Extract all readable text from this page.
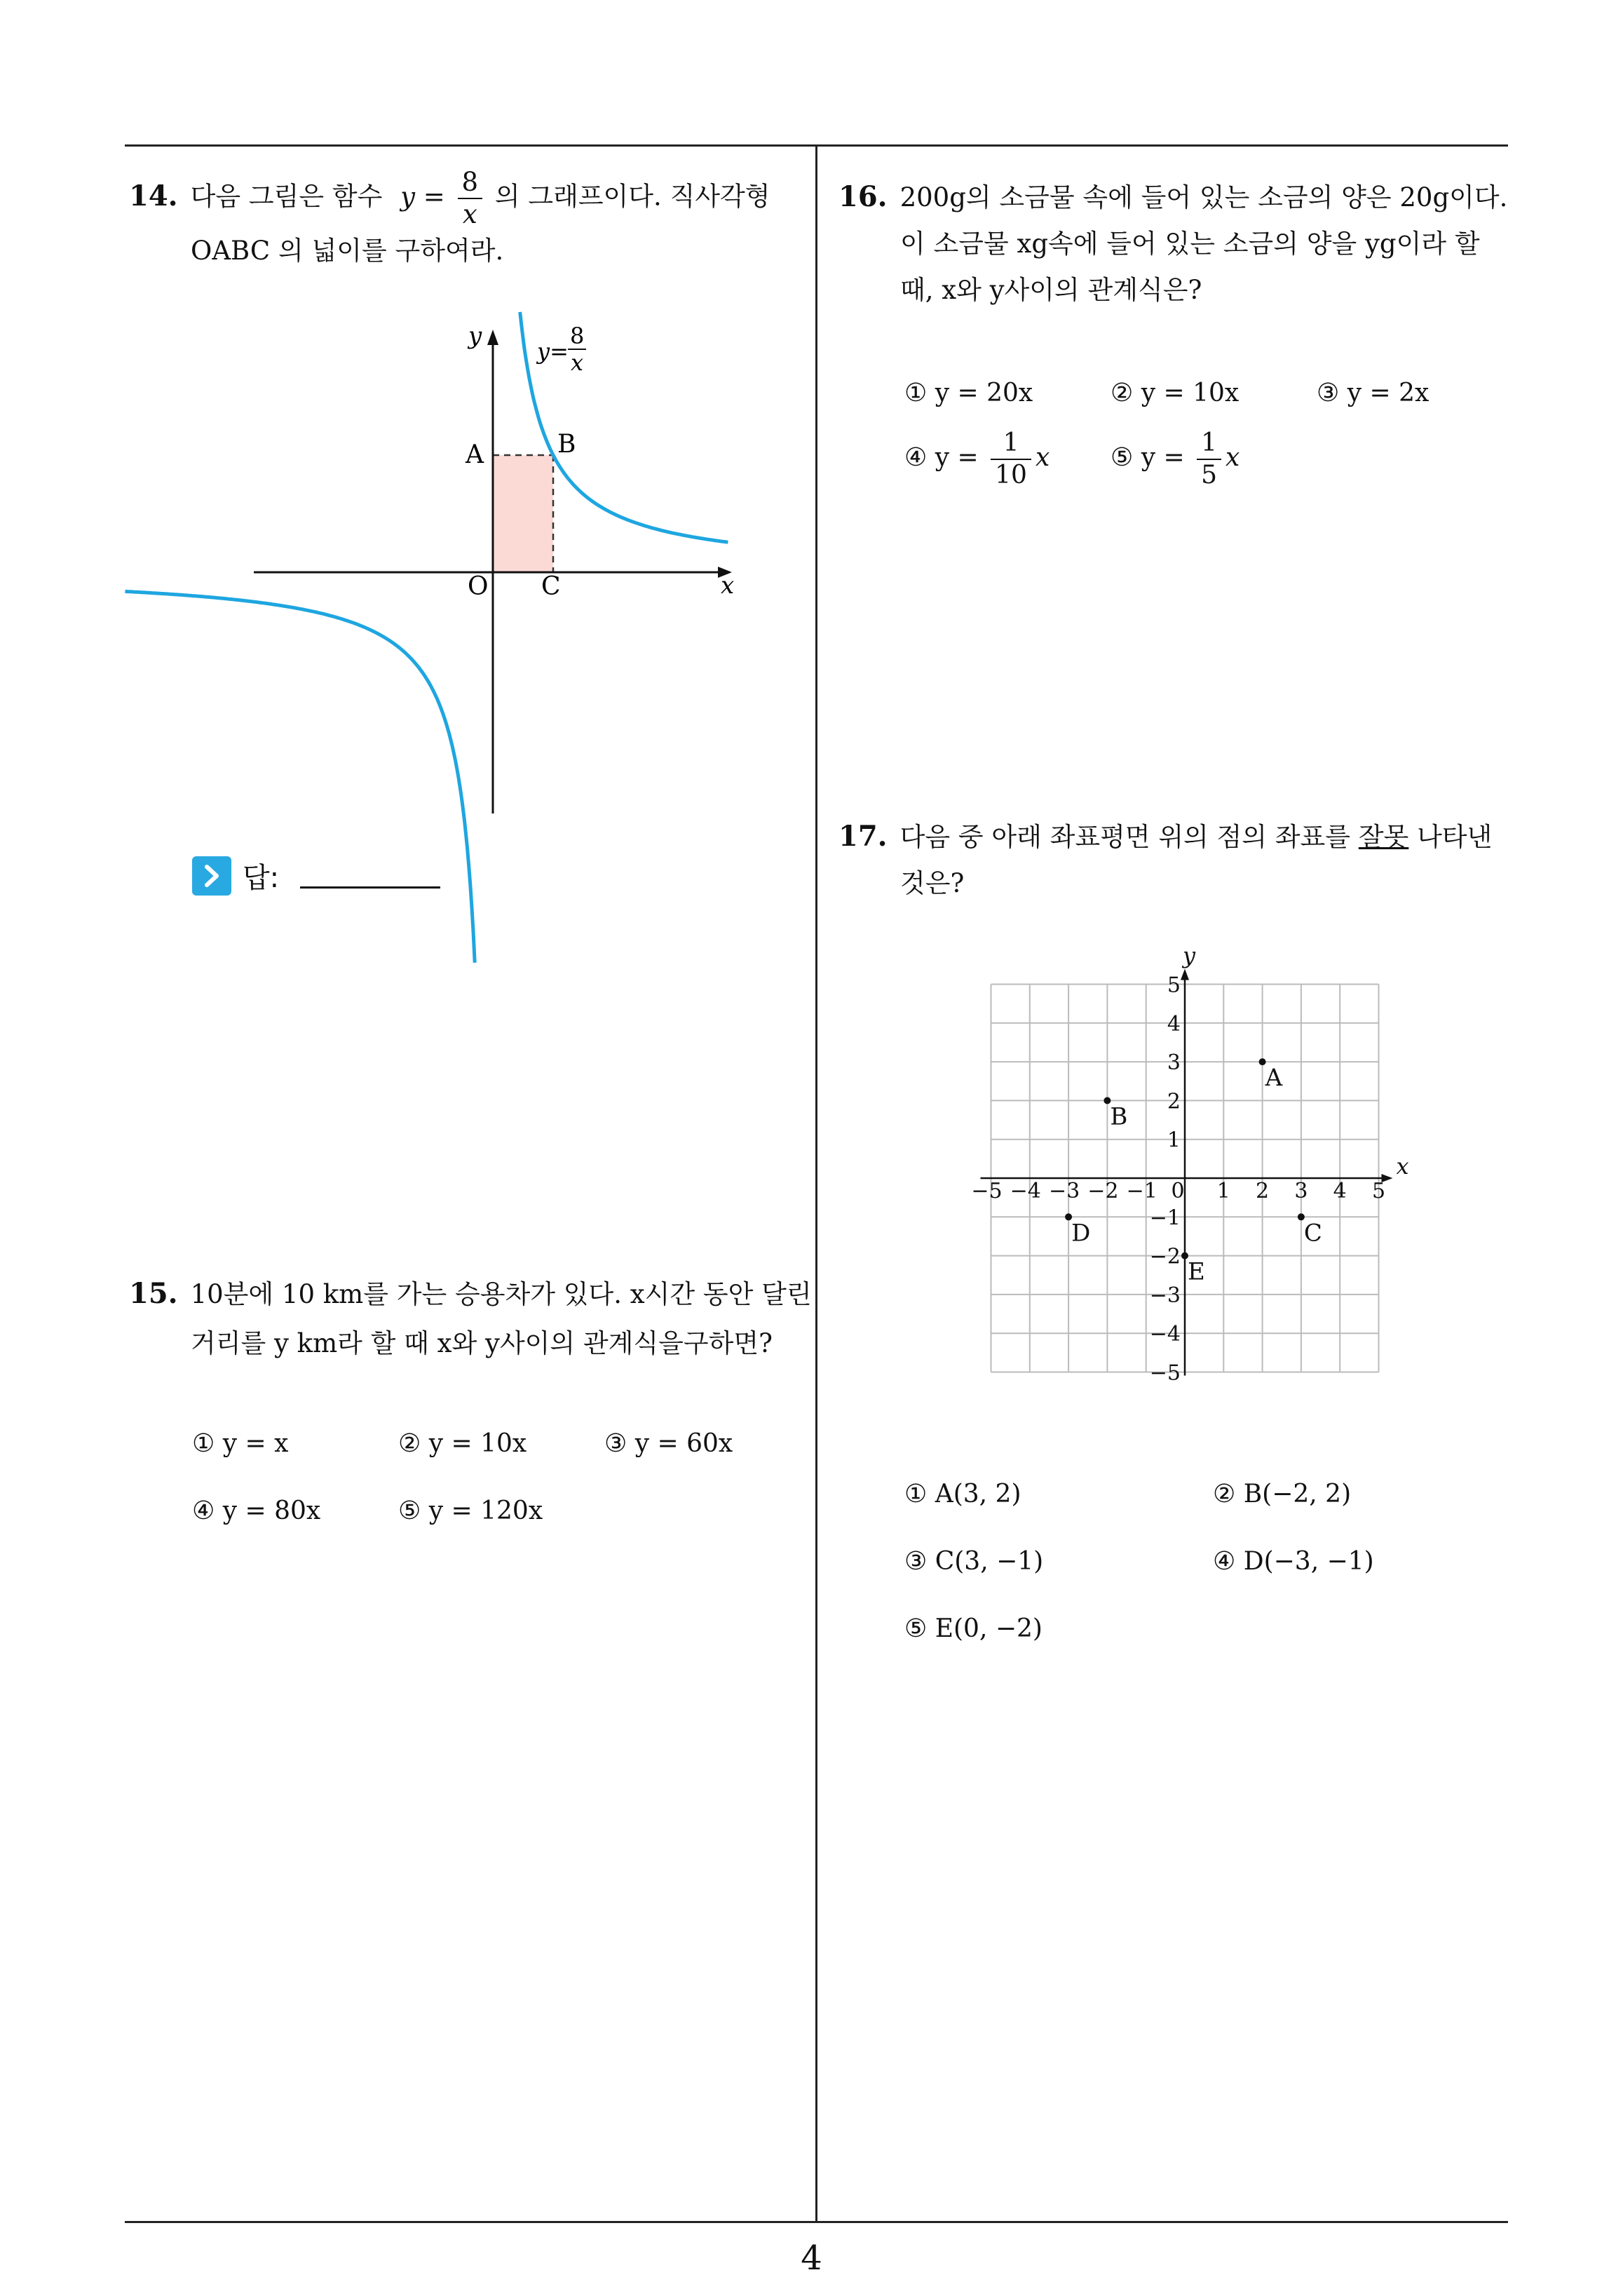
14. 다음 그림은 함수 $y = \frac{8}{x}$ 의 그래프이다. 직사각형
OABC 의 넓이를 구하여라.
y
x
y=
8
x
A	B
O C
답:
15. 10분에 10 km를 가는 승용차가 있다. x시간 동안 달린
거리를 y km라 할 때 x와 y사이의 관계식을구하면?
① y = x	② y = 10x	③ y = 60x
④ y = 80x	⑤ y = 120x
16. 200g의 소금물 속에 들어 있는 소금의 양은 20g이다.
이 소금물 xg속에 들어 있는 소금의 양을 yg이라 할
때, x와 y사이의 관계식은?
① y = 20x	② y = 10x	③ y = 2x
④ $y = \frac{1}{10}$ x ⑤ $y = \frac{1}{5}$ x
17. 다음 중 아래 좌표평면 위의 점의 좌표를 잘못 나타낸
것은?
x
y
0
−5 −4 −3 −2 −1	1 2 3 4 5
5
4
3
2
1
−1
−2
−3
−4
−5
A
B
C
D
E
① A(3, 2)	② B(−2, 2)
③ C(3, −1)	④ D(−3, −1)
⑤ E(0, −2)
4
